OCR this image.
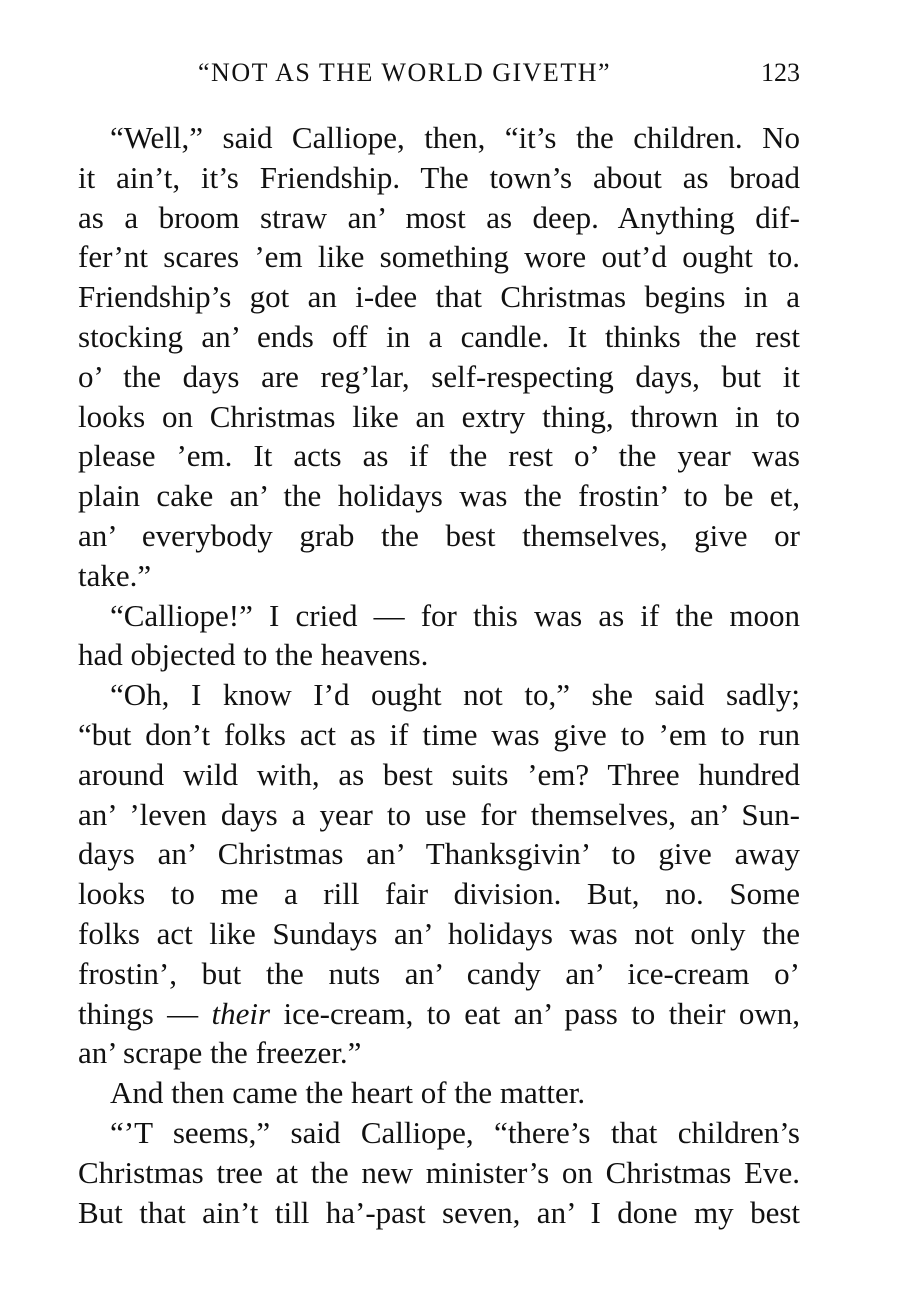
“NOT AS THE WORLD GIVETH”	123
“Well,” said Calliope, then, “it’s the children. No
it ain’t, it’s Friendship. The town’s about as broad
as a broom straw an’ most as deep. Anything dif-
fer’nt scares ’em like something wore out’d ought to.
Friendship’s got an i-dee that Christmas begins in a
stocking an’ ends off in a candle. It thinks the rest
o’ the days are reg’lar, self-respecting days, but it
looks on Christmas like an extry thing, thrown in to
please ’em. It acts as if the rest o’ the year was
plain cake an’ the holidays was the frostin’ to be et,
an’ everybody grab the best themselves, give or
take.”
“Calliope!” I cried — for this was as if the moon
had objected to the heavens.
“Oh, I know I’d ought not to,” she said sadly;
“but don’t folks act as if time was give to ’em to run
around wild with, as best suits ’em? Three hundred
an’ ’leven days a year to use for themselves, an’ Sun-
days an’ Christmas an’ Thanksgivin’ to give away
looks to me a rill fair division. But, no. Some
folks act like Sundays an’ holidays was not only the
frostin’, but the nuts an’ candy an’ ice-cream o’
things — their ice-cream, to eat an’ pass to their own,
an’ scrape the freezer.”
And then came the heart of the matter.
“’T seems,” said Calliope, “there’s that children’s
Christmas tree at the new minister’s on Christmas Eve.
But that ain’t till ha’-past seven, an’ I done my best
